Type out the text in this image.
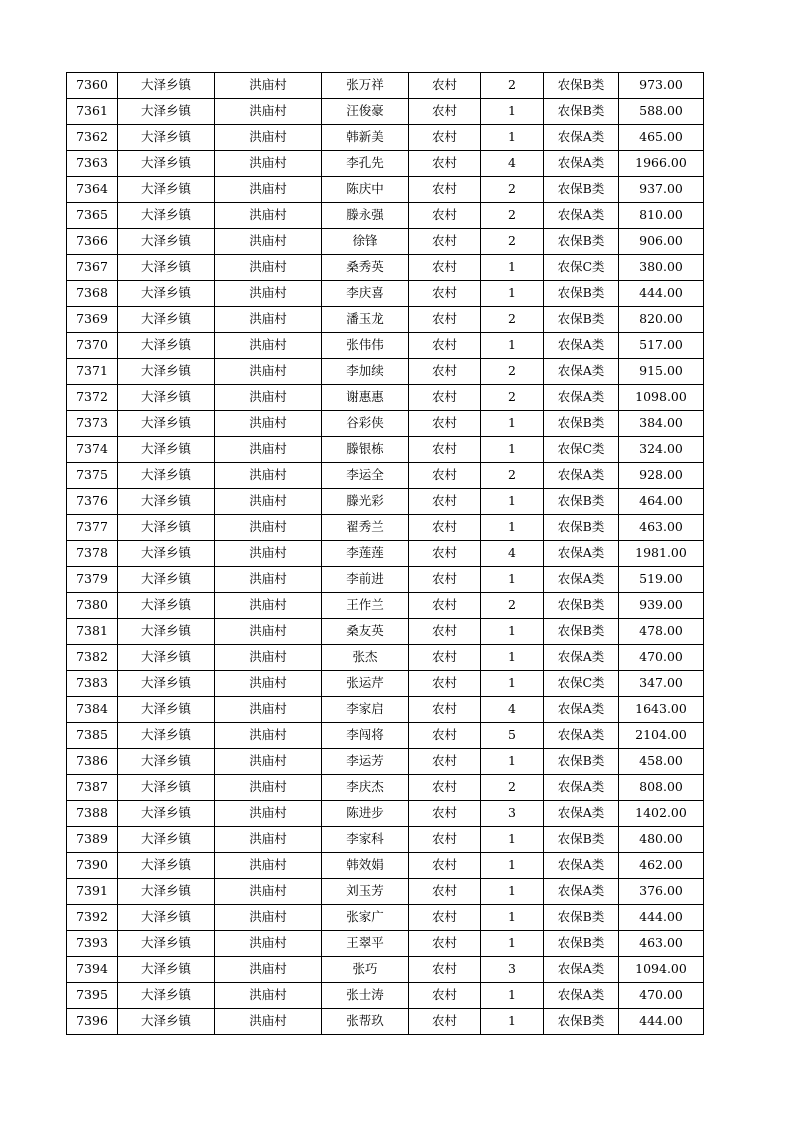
7360	大泽乡镇	洪庙村	张万祥	农村	2	农保B类	973.00
7361	大泽乡镇	洪庙村	汪俊豪	农村	1	农保B类	588.00
7362	大泽乡镇	洪庙村	韩新美	农村	1	农保A类	465.00
7363	大泽乡镇	洪庙村	李孔先	农村	4	农保A类	1966.00
7364	大泽乡镇	洪庙村	陈庆中	农村	2	农保B类	937.00
7365	大泽乡镇	洪庙村	滕永强	农村	2	农保A类	810.00
7366	大泽乡镇	洪庙村	徐锋	农村	2	农保B类	906.00
7367	大泽乡镇	洪庙村	桑秀英	农村	1	农保C类	380.00
7368	大泽乡镇	洪庙村	李庆喜	农村	1	农保B类	444.00
7369	大泽乡镇	洪庙村	潘玉龙	农村	2	农保B类	820.00
7370	大泽乡镇	洪庙村	张伟伟	农村	1	农保A类	517.00
7371	大泽乡镇	洪庙村	李加续	农村	2	农保A类	915.00
7372	大泽乡镇	洪庙村	谢惠惠	农村	2	农保A类	1098.00
7373	大泽乡镇	洪庙村	谷彩侠	农村	1	农保B类	384.00
7374	大泽乡镇	洪庙村	滕银栋	农村	1	农保C类	324.00
7375	大泽乡镇	洪庙村	李运全	农村	2	农保A类	928.00
7376	大泽乡镇	洪庙村	滕光彩	农村	1	农保B类	464.00
7377	大泽乡镇	洪庙村	翟秀兰	农村	1	农保B类	463.00
7378	大泽乡镇	洪庙村	李莲莲	农村	4	农保A类	1981.00
7379	大泽乡镇	洪庙村	李前进	农村	1	农保A类	519.00
7380	大泽乡镇	洪庙村	王作兰	农村	2	农保B类	939.00
7381	大泽乡镇	洪庙村	桑友英	农村	1	农保B类	478.00
7382	大泽乡镇	洪庙村	张杰	农村	1	农保A类	470.00
7383	大泽乡镇	洪庙村	张运芹	农村	1	农保C类	347.00
7384	大泽乡镇	洪庙村	李家启	农村	4	农保A类	1643.00
7385	大泽乡镇	洪庙村	李闯将	农村	5	农保A类	2104.00
7386	大泽乡镇	洪庙村	李运芳	农村	1	农保B类	458.00
7387	大泽乡镇	洪庙村	李庆杰	农村	2	农保A类	808.00
7388	大泽乡镇	洪庙村	陈进步	农村	3	农保A类	1402.00
7389	大泽乡镇	洪庙村	李家科	农村	1	农保B类	480.00
7390	大泽乡镇	洪庙村	韩效娟	农村	1	农保A类	462.00
7391	大泽乡镇	洪庙村	刘玉芳	农村	1	农保A类	376.00
7392	大泽乡镇	洪庙村	张家广	农村	1	农保B类	444.00
7393	大泽乡镇	洪庙村	王翠平	农村	1	农保B类	463.00
7394	大泽乡镇	洪庙村	张巧	农村	3	农保A类	1094.00
7395	大泽乡镇	洪庙村	张士涛	农村	1	农保A类	470.00
7396	大泽乡镇	洪庙村	张帮玖	农村	1	农保B类	444.00
